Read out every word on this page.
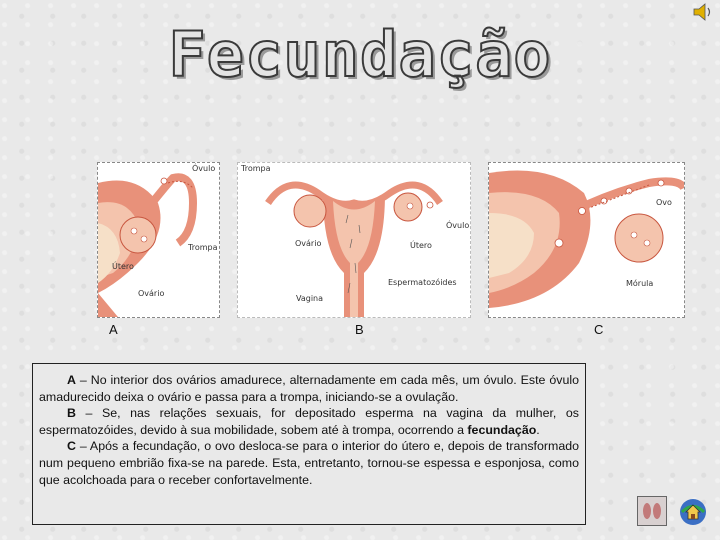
Fecundação
Óvulo
Trompa
Útero
Ovário
Trompa
Óvulo
Ovário	Útero
Espermatozóides
Vagina
Ovo
Mórula
A	B	C

A – No interior dos ovários amadurece, alternadamente em cada mês, um óvulo. Este óvulo amadurecido deixa o ovário e passa para a trompa, iniciando-se a ovulação.

B – Se, nas relações sexuais, for depositado esperma na vagina da mulher, os espermatozóides, devido à sua mobilidade, sobem até à trompa, ocorrendo a fecundação.

C – Após a fecundação, o ovo desloca-se para o interior do útero e, depois de transformado num pequeno embrião fixa-se na parede. Esta, entretanto, tornou-se espessa e esponjosa, como que acolchoada para o receber confortavelmente.
